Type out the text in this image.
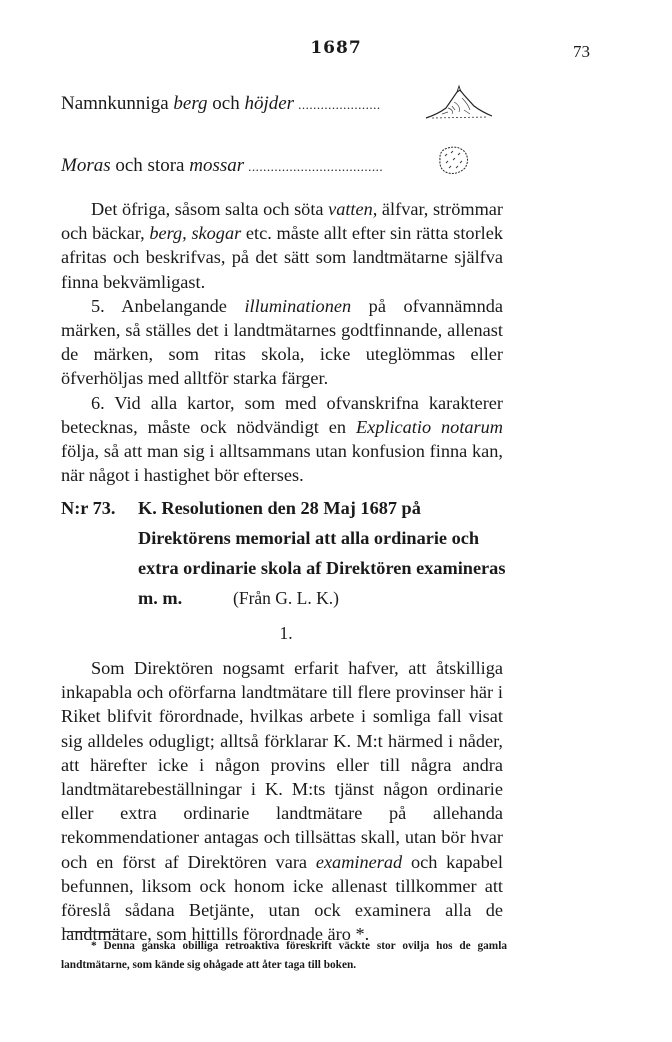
1687	73
Namnkunniga berg och höjder ......................
Moras och stora mossar ....................................

Det öfriga, såsom salta och söta vatten, älfvar, strömmar och bäckar, berg, skogar etc. måste allt efter sin rätta storlek afritas och beskrifvas, på det sätt som landtmätarne själfva finna bekvämligast.

5. Anbelangande illuminationen på ofvannämnda märken, så ställes det i landtmätarnes godtfinnande, allenast de märken, som ritas skola, icke uteglömmas eller öfverhöljas med alltför starka färger.

6. Vid alla kartor, som med ofvanskrifna karakterer betecknas, måste ock nödvändigt en Explicatio notarum följa, så att man sig i alltsammans utan konfusion finna kan, när något i hastighet bör efterses.

N:r 73.	K. Resolutionen den 28 Maj 1687 på Direktörens memorial att alla ordinarie och extra ordinarie skola af Direktören examineras m. m.	(Från G. L. K.)
1.

Som Direktören nogsamt erfarit hafver, att åtskilliga inkapabla och oförfarna landtmätare till flere provinser här i Riket blifvit förordnade, hvilkas arbete i somliga fall visat sig alldeles odugligt; alltså förklarar K. M:t härmed i nåder, att härefter icke i någon provins eller till några andra landtmätarebeställningar i K. M:ts tjänst någon ordinarie eller extra ordinarie landtmätare på allehanda rekommendationer antagas och tillsättas skall, utan bör hvar och en först af Direktören vara examinerad och kapabel befunnen, liksom ock honom icke allenast tillkommer att föreslå sådana Betjänte, utan ock examinera alla de landtmätare, som hittills förordnade äro *.

* Denna ganska obilliga retroaktiva föreskrift väckte stor ovilja hos de gamla landtmätarne, som kände sig ohågade att åter taga till boken.
